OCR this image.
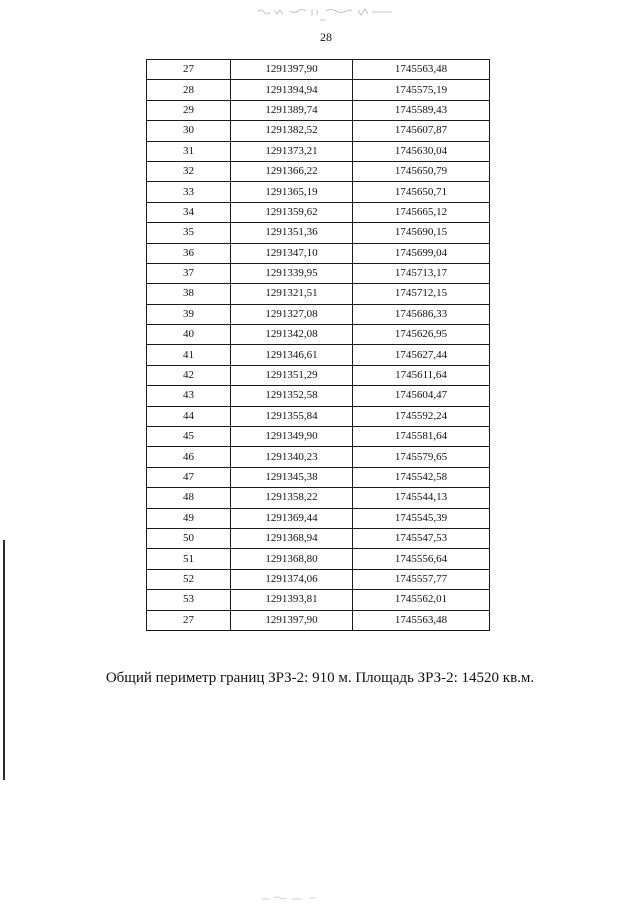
28
27	1291397,90	1745563,48
28	1291394,94	1745575,19
29	1291389,74	1745589,43
30	1291382,52	1745607,87
31	1291373,21	1745630,04
32	1291366,22	1745650,79
33	1291365,19	1745650,71
34	1291359,62	1745665,12
35	1291351,36	1745690,15
36	1291347,10	1745699,04
37	1291339,95	1745713,17
38	1291321,51	1745712,15
39	1291327,08	1745686,33
40	1291342,08	1745626,95
41	1291346,61	1745627,44
42	1291351,29	1745611,64
43	1291352,58	1745604,47
44	1291355,84	1745592,24
45	1291349,90	1745581,64
46	1291340,23	1745579,65
47	1291345,38	1745542,58
48	1291358,22	1745544,13
49	1291369,44	1745545,39
50	1291368,94	1745547,53
51	1291368,80	1745556,64
52	1291374,06	1745557,77
53	1291393,81	1745562,01
27	1291397,90	1745563,48
Общий периметр границ ЗРЗ-2: 910 м. Площадь ЗРЗ-2: 14520 кв.м.
